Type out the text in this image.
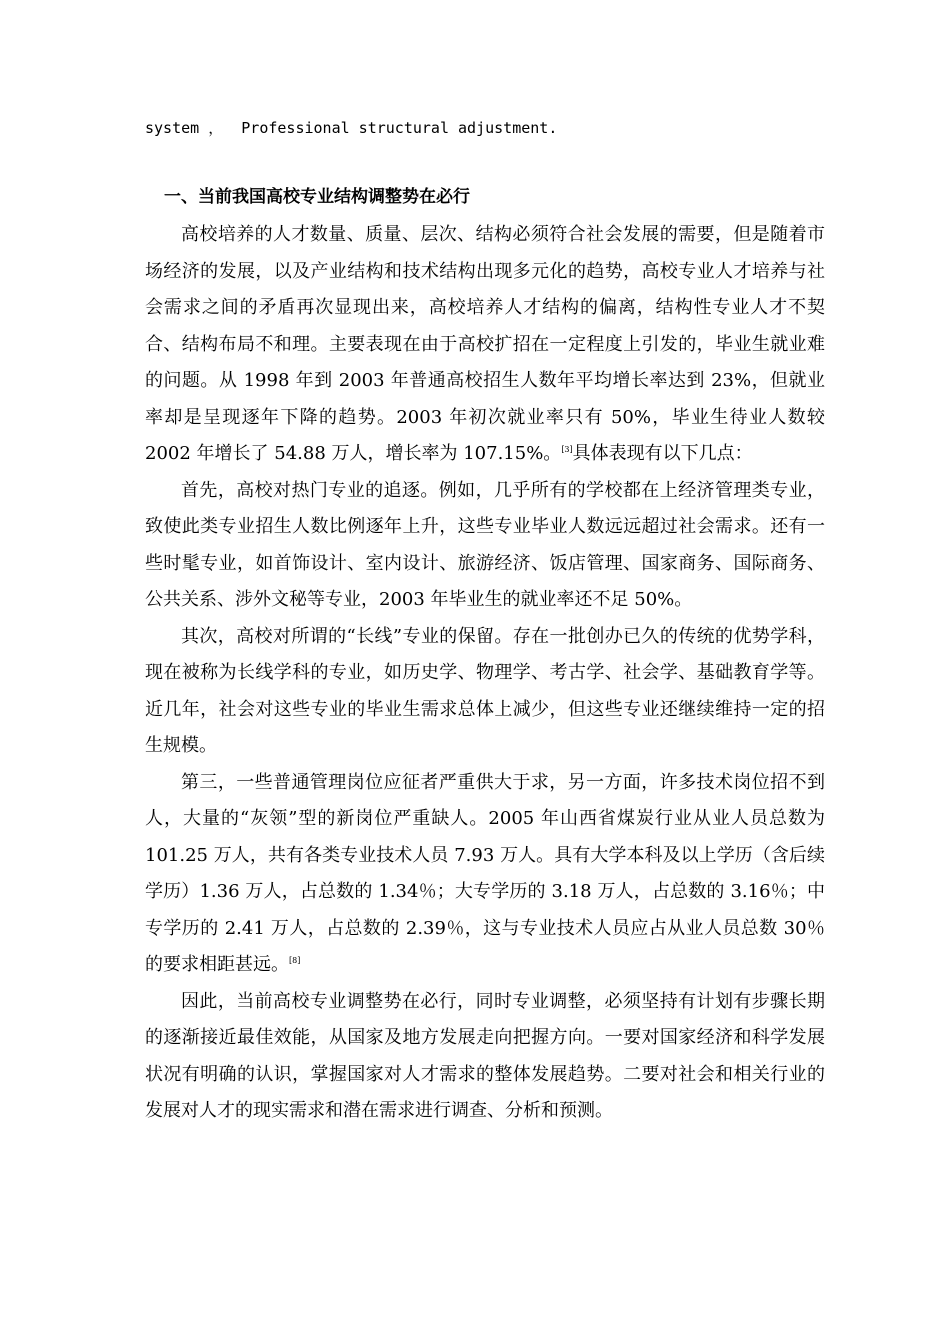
system ，  Professional structural adjustment.
一、当前我国高校专业结构调整势在必行

高校培养的人才数量、质量、层次、结构必须符合社会发展的需要，但是随着市场经济的发展，以及产业结构和技术结构出现多元化的趋势，高校专业人才培养与社会需求之间的矛盾再次显现出来，高校培养人才结构的偏离，结构性专业人才不契合、结构布局不和理。主要表现在由于高校扩招在一定程度上引发的，毕业生就业难的问题。从 1998 年到 2003 年普通高校招生人数年平均增长率达到 23%，但就业率却是呈现逐年下降的趋势。2003 年初次就业率只有 50%，毕业生待业人数较 2002 年增长了 54.88 万人，增长率为 107.15%。[3]具体表现有以下几点：

首先，高校对热门专业的追逐。例如，几乎所有的学校都在上经济管理类专业，致使此类专业招生人数比例逐年上升，这些专业毕业人数远远超过社会需求。还有一些时髦专业，如首饰设计、室内设计、旅游经济、饭店管理、国家商务、国际商务、公共关系、涉外文秘等专业，2003 年毕业生的就业率还不足 50%。

其次，高校对所谓的“长线”专业的保留。存在一批创办已久的传统的优势学科，现在被称为长线学科的专业，如历史学、物理学、考古学、社会学、基础教育学等。近几年，社会对这些专业的毕业生需求总体上减少，但这些专业还继续维持一定的招生规模。

第三，一些普通管理岗位应征者严重供大于求，另一方面，许多技术岗位招不到人，大量的“灰领”型的新岗位严重缺人。2005 年山西省煤炭行业从业人员总数为 101.25 万人，共有各类专业技术人员 7.93 万人。具有大学本科及以上学历（含后续学历）1.36 万人，占总数的 1.34％；大专学历的 3.18 万人，占总数的 3.16％；中专学历的 2.41 万人，占总数的 2.39％，这与专业技术人员应占从业人员总数 30％的要求相距甚远。[8]

因此，当前高校专业调整势在必行，同时专业调整，必须坚持有计划有步骤长期的逐渐接近最佳效能，从国家及地方发展走向把握方向。一要对国家经济和科学发展状况有明确的认识，掌握国家对人才需求的整体发展趋势。二要对社会和相关行业的发展对人才的现实需求和潜在需求进行调查、分析和预测。
